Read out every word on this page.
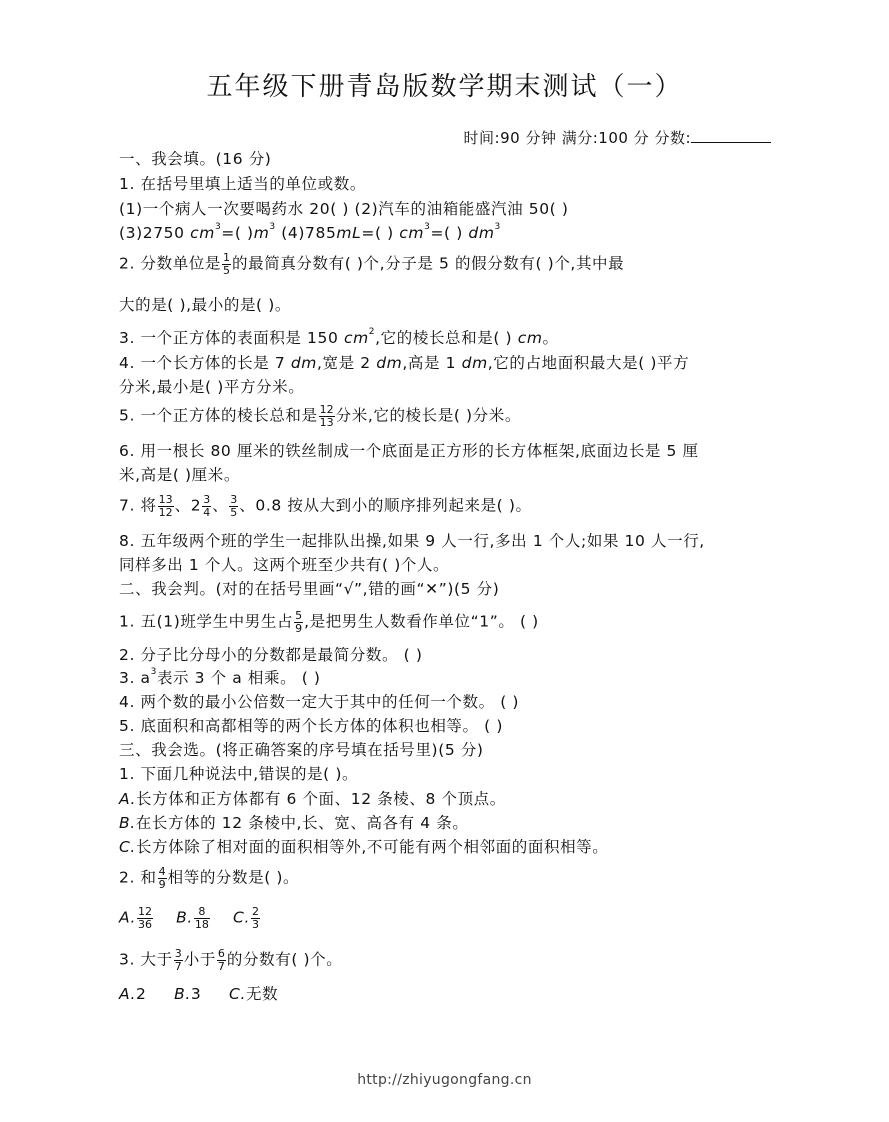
五年级下册青岛版数学期末测试（一）
时间:90 分钟 满分:100 分 分数:
一、我会填。(16 分)
1. 在括号里填上适当的单位或数。
(1)一个病人一次要喝药水 20( ) (2)汽车的油箱能盛汽油 50( )
(3)2750 $cm^3=$( )$m^3$ (4)785mL=( ) $cm^3=$( ) $dm^3$
2. 分数单位是 $\frac{1}{5}$ 的最简真分数有( )个,分子是 5 的假分数有( )个,其中最
大的是( ),最小的是( )。
3. 一个正方体的表面积是 150 $cm^2$,它的棱长总和是( ) cm。
4. 一个长方体的长是 7 dm,宽是 2 dm,高是 1 dm,它的占地面积最大是( )平方
分米,最小是( )平方分米。
5. 一个正方体的棱长总和是 $\frac{12}{13}$ 分米,它的棱长是( )分米。
6. 用一根长 80 厘米的铁丝制成一个底面是正方形的长方体框架,底面边长是 5 厘
米,高是( )厘米。
7. 将 $\frac{13}{12}$ 、$2 \frac{3}{4}$ 、 $\frac{3}{5}$ 、0.8 按从大到小的顺序排列起来是( )。
8. 五年级两个班的学生一起排队出操,如果 9 人一行,多出 1 个人;如果 10 人一行,
同样多出 1 个人。这两个班至少共有( )个人。
二、我会判。(对的在括号里画“√”,错的画“✕”)(5 分)
1. 五(1)班学生中男生占 $\frac{5}{9}$ ,是把男生人数看作单位“1”。 ( )
2. 分子比分母小的分数都是最简分数。 ( )
3. $a^3$表示 3 个 a 相乘。 ( )
4. 两个数的最小公倍数一定大于其中的任何一个数。 ( )
5. 底面积和高都相等的两个长方体的体积也相等。 ( )
三、我会选。(将正确答案的序号填在括号里)(5 分)
1. 下面几种说法中,错误的是( )。
A.长方体和正方体都有 6 个面、12 条棱、8 个顶点。
B.在长方体的 12 条棱中,长、宽、高各有 4 条。
C.长方体除了相对面的面积相等外,不可能有两个相邻面的面积相等。
2. 和 $\frac{4}{9}$ 相等的分数是( )。
A. $\frac{12}{36} B$. $\frac{8}{18} C$. $\frac{2}{3}$
3. 大于 $\frac{3}{7}$ 小于 $\frac{6}{7}$ 的分数有( )个。
A.2 B.3 C.无数
http://zhiyugongfang.cn
